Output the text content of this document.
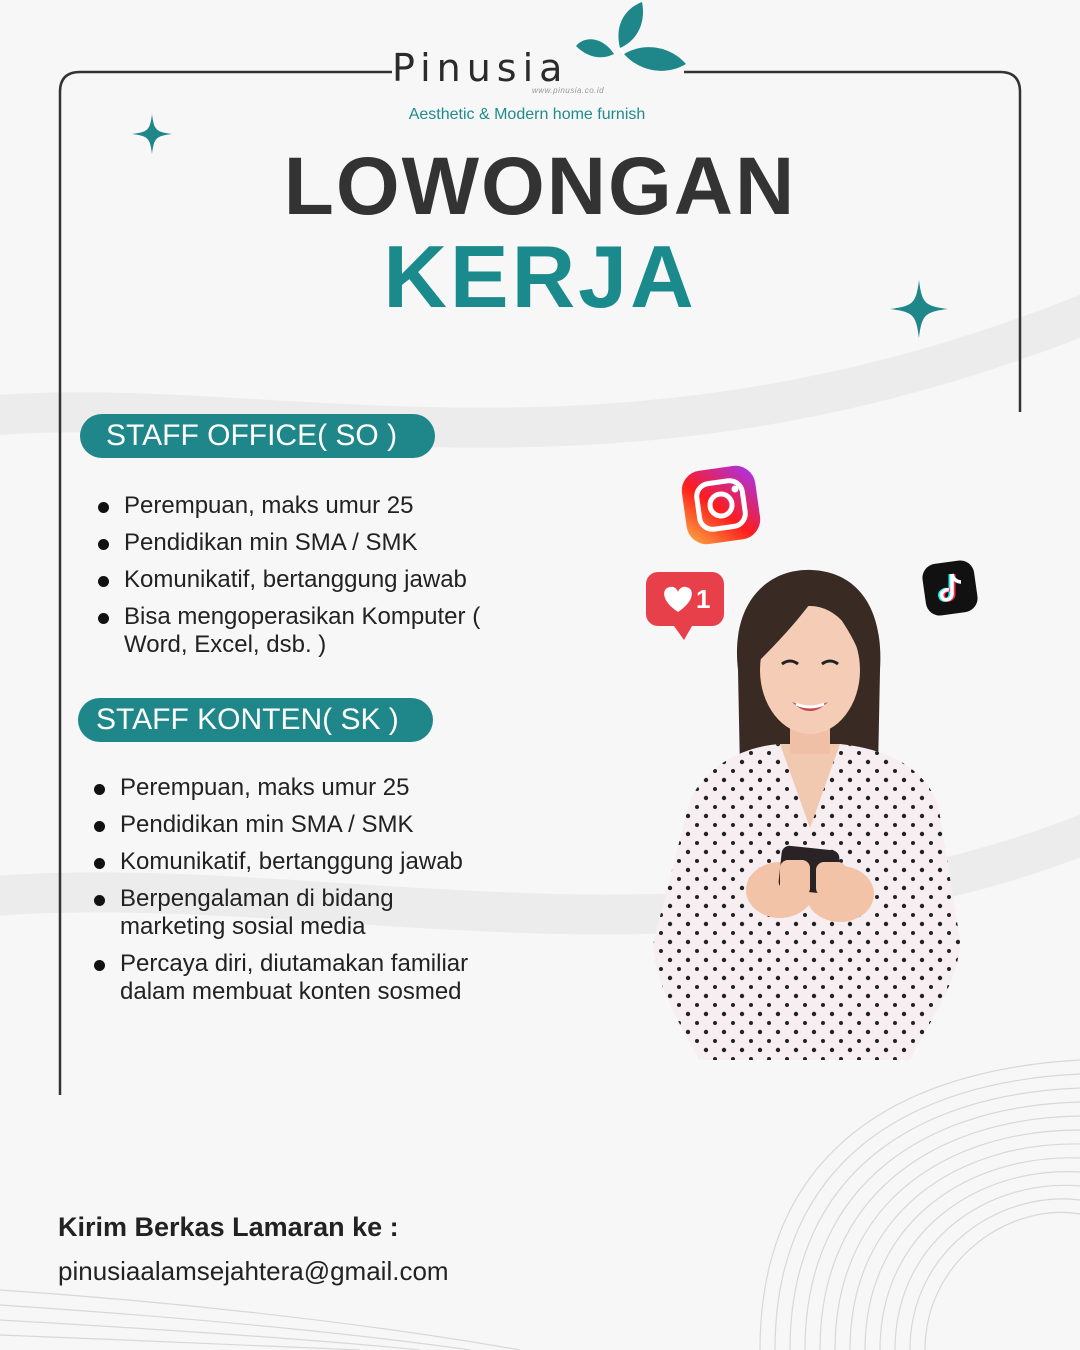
Pinusia
www.pinusia.co.id
Aesthetic & Modern home furnish
LOWONGAN
KERJA
STAFF OFFICE( SO )
Perempuan, maks umur 25
Pendidikan min SMA / SMK
Komunikatif, bertanggung jawab
Bisa mengoperasikan Komputer ( Word, Excel, dsb. )
STAFF KONTEN( SK )
Perempuan, maks umur 25
Pendidikan min SMA / SMK
Komunikatif, bertanggung jawab
Berpengalaman di bidang marketing sosial media
Percaya diri, diutamakan familiar dalam membuat konten sosmed
1
Kirim Berkas Lamaran ke :
pinusiaalamsejahtera@gmail.com
